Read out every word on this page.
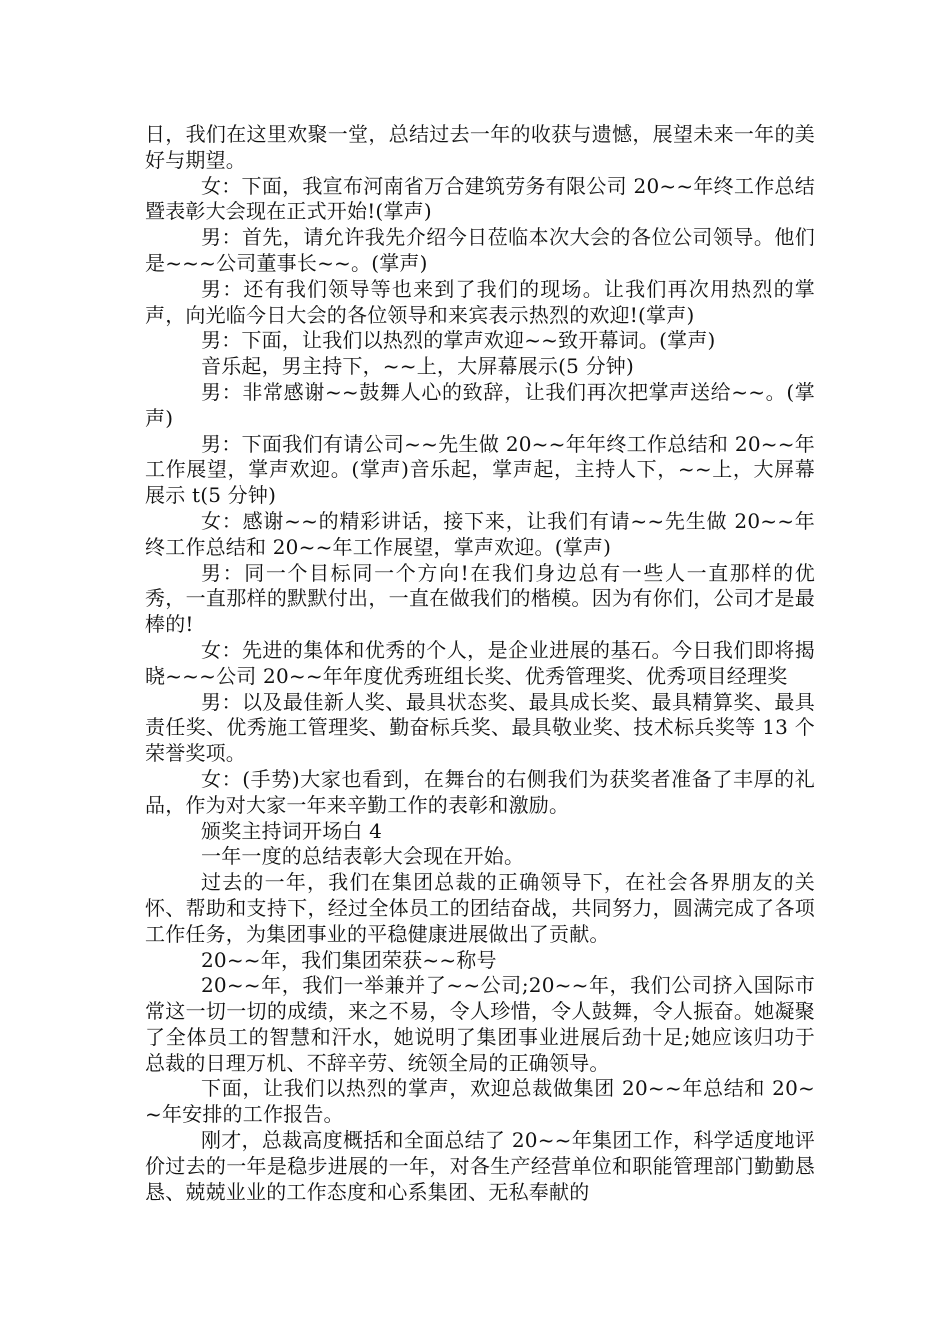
日，我们在这里欢聚一堂，总结过去一年的收获与遗憾，展望未来一年的美好与期望。

女：下面，我宣布河南省万合建筑劳务有限公司 20~~年终工作总结暨表彰大会现在正式开始!(掌声)

男：首先，请允许我先介绍今日莅临本次大会的各位公司领导。他们是~~~公司董事长~~。(掌声)

男：还有我们领导等也来到了我们的现场。让我们再次用热烈的掌声，向光临今日大会的各位领导和来宾表示热烈的欢迎!(掌声)

男：下面，让我们以热烈的掌声欢迎~~致开幕词。(掌声)

音乐起，男主持下，~~上，大屏幕展示(5 分钟)

男：非常感谢~~鼓舞人心的致辞，让我们再次把掌声送给~~。(掌声)

男：下面我们有请公司~~先生做 20~~年年终工作总结和 20~~年工作展望，掌声欢迎。(掌声)音乐起，掌声起，主持人下，~~上，大屏幕展示 t(5 分钟)

女：感谢~~的精彩讲话，接下来，让我们有请~~先生做 20~~年终工作总结和 20~~年工作展望，掌声欢迎。(掌声)

男：同一个目标同一个方向!在我们身边总有一些人一直那样的优秀，一直那样的默默付出，一直在做我们的楷模。因为有你们，公司才是最棒的!

女：先进的集体和优秀的个人，是企业进展的基石。今日我们即将揭晓~~~公司 20~~年年度优秀班组长奖、优秀管理奖、优秀项目经理奖

男：以及最佳新人奖、最具状态奖、最具成长奖、最具精算奖、最具责任奖、优秀施工管理奖、勤奋标兵奖、最具敬业奖、技术标兵奖等 13 个荣誉奖项。

女：(手势)大家也看到，在舞台的右侧我们为获奖者准备了丰厚的礼品，作为对大家一年来辛勤工作的表彰和激励。

颁奖主持词开场白 4

一年一度的总结表彰大会现在开始。

过去的一年，我们在集团总裁的正确领导下，在社会各界朋友的关怀、帮助和支持下，经过全体员工的团结奋战，共同努力，圆满完成了各项工作任务，为集团事业的平稳健康进展做出了贡献。

20~~年，我们集团荣获~~称号

20~~年，我们一举兼并了~~公司;20~~年，我们公司挤入国际市常这一切一切的成绩，来之不易，令人珍惜，令人鼓舞，令人振奋。她凝聚了全体员工的智慧和汗水，她说明了集团事业进展后劲十足;她应该归功于总裁的日理万机、不辞辛劳、统领全局的正确领导。

下面，让我们以热烈的掌声，欢迎总裁做集团 20~~年总结和 20~~年安排的工作报告。

刚才，总裁高度概括和全面总结了 20~~年集团工作，科学适度地评价过去的一年是稳步进展的一年，对各生产经营单位和职能管理部门勤勤恳恳、兢兢业业的工作态度和心系集团、无私奉献的
